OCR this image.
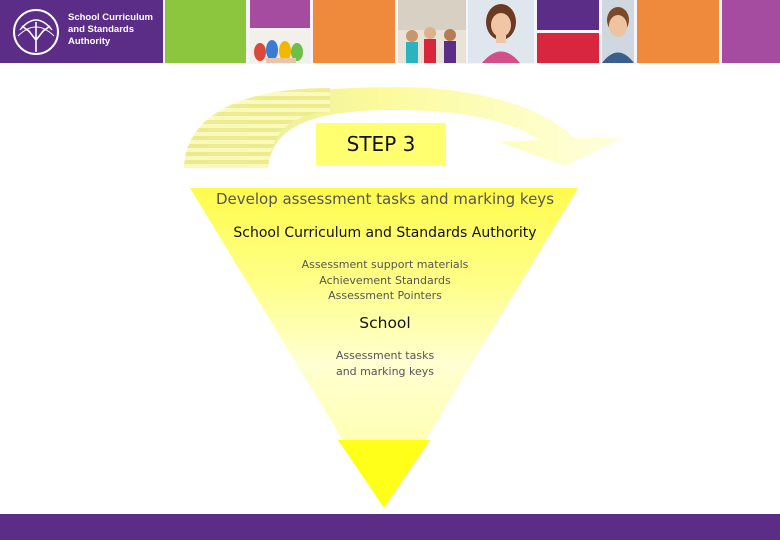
School Curriculum
and Standards
Authority
STEP 3
Develop assessment tasks and marking keys
School Curriculum and Standards Authority
Assessment support materials
Achievement Standards
Assessment Pointers
School
Assessment tasks
and marking keys
